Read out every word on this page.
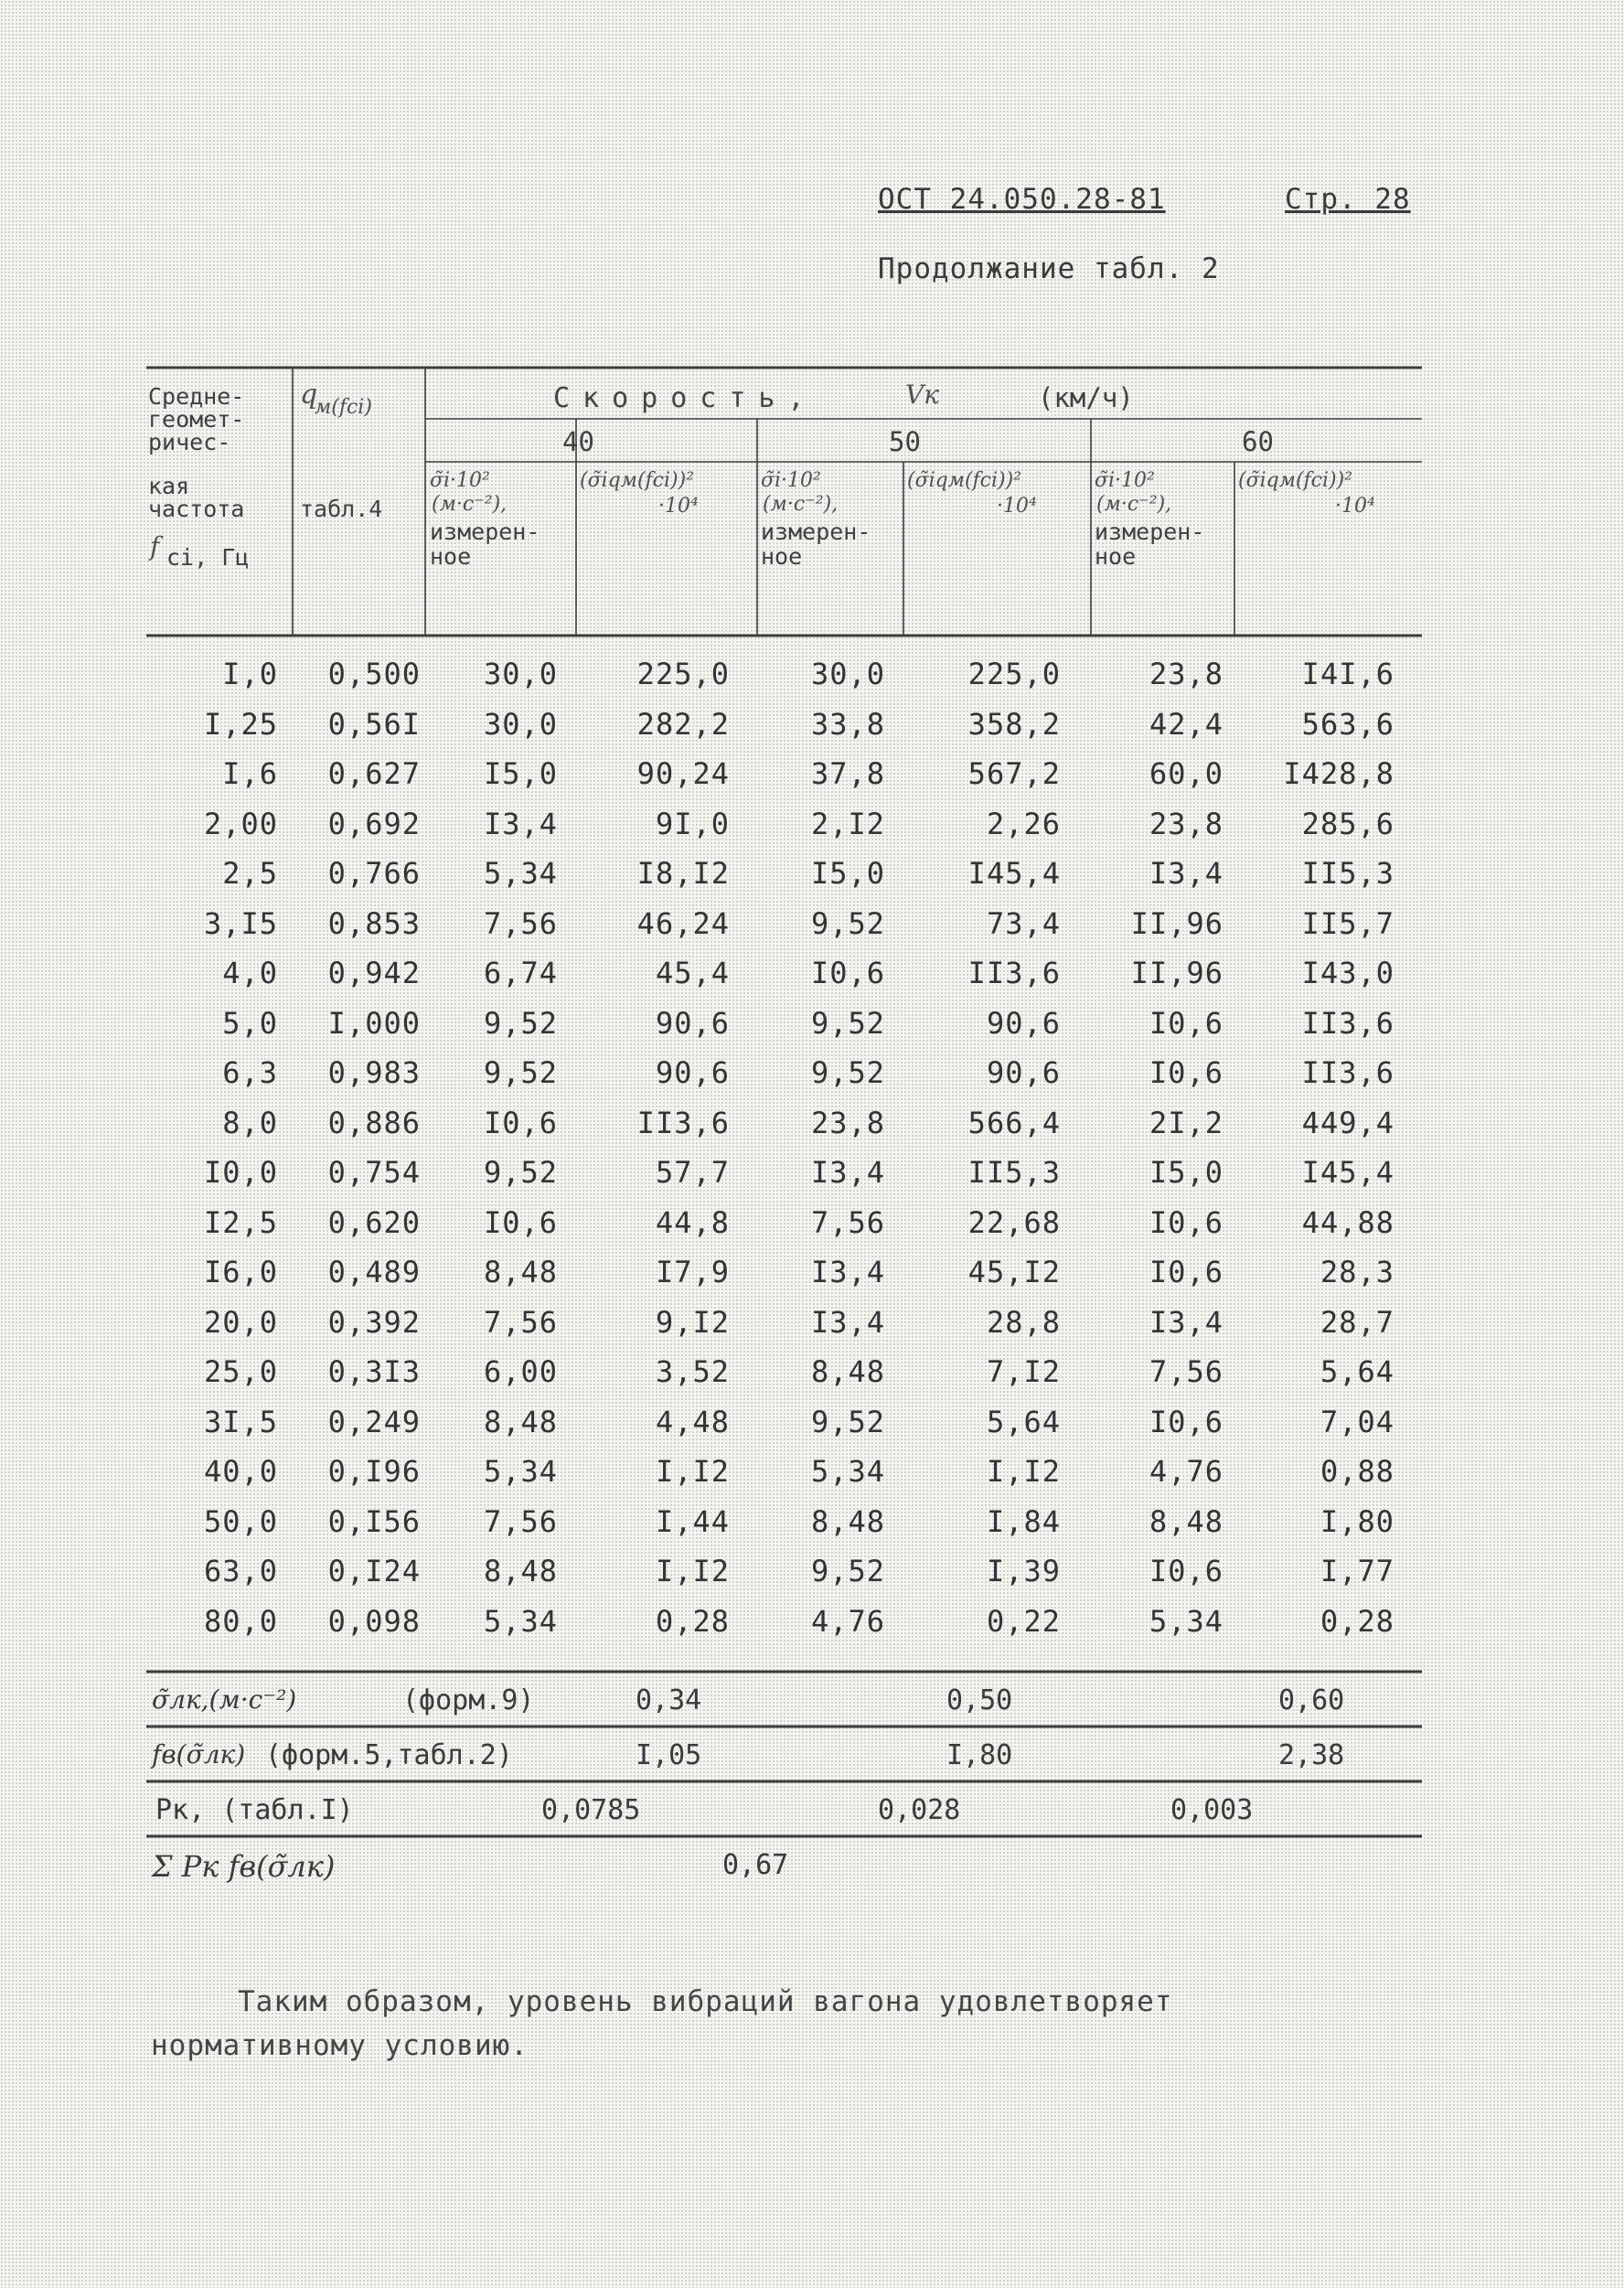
ОСТ 24.050.28-81	Стр. 28
Продолжание табл. 2
Средне-
геомет-
ричес-
кая
частота
f ci, Гц
q
м(fci)
табл.4
Скорость,	Vк	(км/ч)
40	50	60
σ̃i·10²
(м·с⁻²),
измерен-
ное
(σ̃iqм(fci))²
·10⁴
σ̃i·10²
(м·с⁻²),
измерен-
ное
(σ̃iqм(fci))²
·10⁴
σ̃i·10²
(м·с⁻²),
измерен-
ное
(σ̃iqм(fci))²
·10⁴
I,0	0,500	30,0	225,0	30,0	225,0	23,8	I4I,6
I,25	0,56I	30,0	282,2	33,8	358,2	42,4	563,6
I,6	0,627	I5,0	90,24	37,8	567,2	60,0	I428,8
2,00	0,692	I3,4	9I,0	2,I2	2,26	23,8	285,6
2,5	0,766	5,34	I8,I2	I5,0	I45,4	I3,4	II5,3
3,I5	0,853	7,56	46,24	9,52	73,4	II,96	II5,7
4,0	0,942	6,74	45,4	I0,6	II3,6	II,96	I43,0
5,0	I,000	9,52	90,6	9,52	90,6	I0,6	II3,6
6,3	0,983	9,52	90,6	9,52	90,6	I0,6	II3,6
8,0	0,886	I0,6	II3,6	23,8	566,4	2I,2	449,4
I0,0	0,754	9,52	57,7	I3,4	II5,3	I5,0	I45,4
I2,5	0,620	I0,6	44,8	7,56	22,68	I0,6	44,88
I6,0	0,489	8,48	I7,9	I3,4	45,I2	I0,6	28,3
20,0	0,392	7,56	9,I2	I3,4	28,8	I3,4	28,7
25,0	0,3I3	6,00	3,52	8,48	7,I2	7,56	5,64
3I,5	0,249	8,48	4,48	9,52	5,64	I0,6	7,04
40,0	0,I96	5,34	I,I2	5,34	I,I2	4,76	0,88
50,0	0,I56	7,56	I,44	8,48	I,84	8,48	I,80
63,0	0,I24	8,48	I,I2	9,52	I,39	I0,6	I,77
80,0	0,098	5,34	0,28	4,76	0,22	5,34	0,28
σ̃лк,(м·с⁻²)	(форм.9)	0,34	0,50	0,60
fв(σ̃лк) (форм.5,табл.2)	I,05	I,80	2,38
Pк, (табл.I)	0,0785	0,028	0,003
Σ Pк fв(σ̃лк)	0,67
Таким образом, уровень вибраций вагона удовлетворяет нормативному условию.
